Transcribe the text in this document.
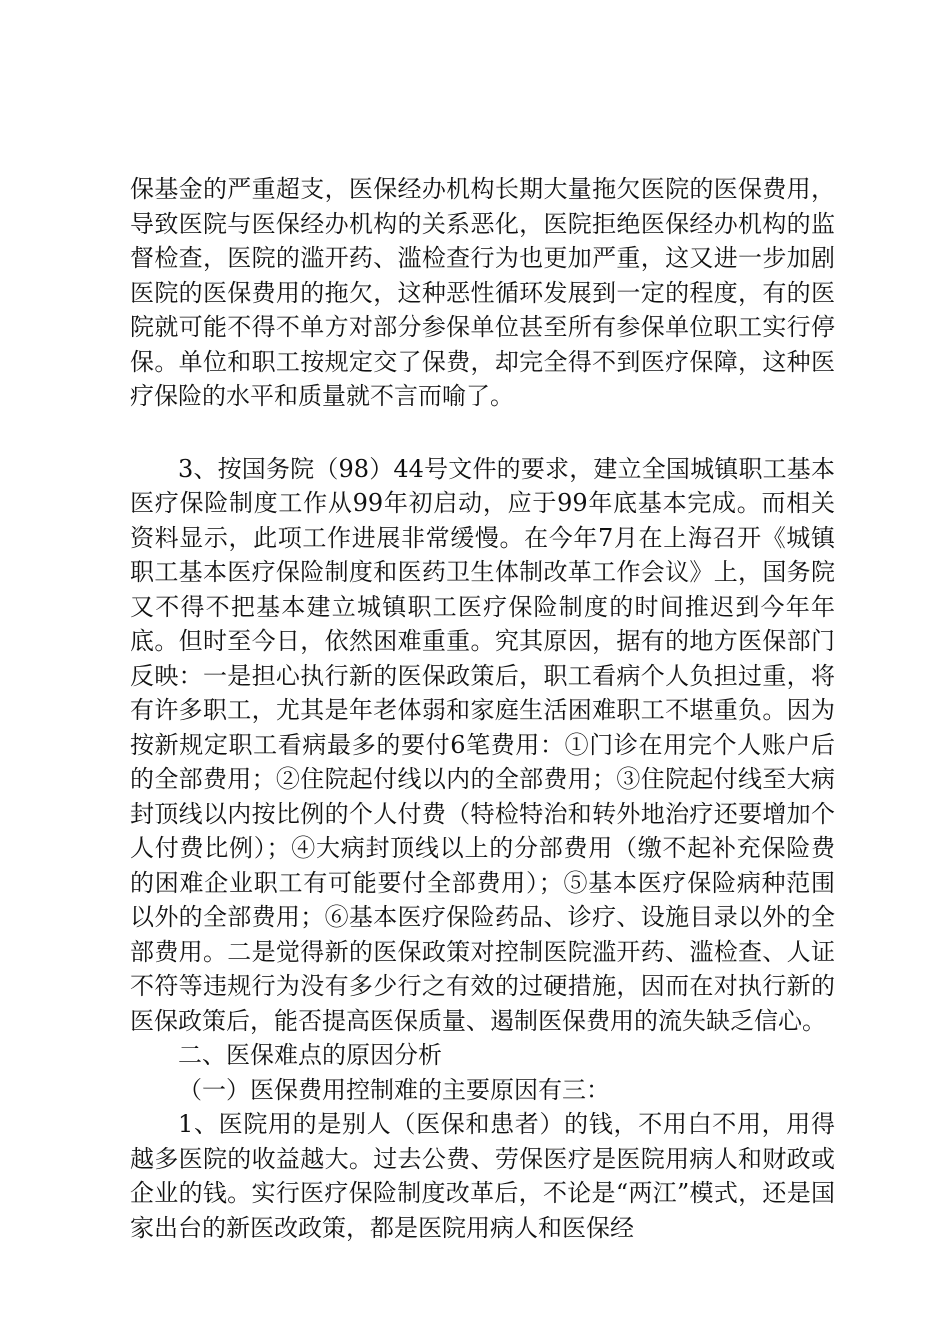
保基金的严重超支，医保经办机构长期大量拖欠医院的医保费用，导致医院与医保经办机构的关系恶化，医院拒绝医保经办机构的监督检查，医院的滥开药、滥检查行为也更加严重，这又进一步加剧医院的医保费用的拖欠，这种恶性循环发展到一定的程度，有的医院就可能不得不单方对部分参保单位甚至所有参保单位职工实行停保。单位和职工按规定交了保费，却完全得不到医疗保障，这种医疗保险的水平和质量就不言而喻了。

3、按国务院（98）44号文件的要求，建立全国城镇职工基本医疗保险制度工作从99年初启动，应于99年底基本完成。而相关资料显示，此项工作进展非常缓慢。在今年7月在上海召开《城镇职工基本医疗保险制度和医药卫生体制改革工作会议》上，国务院又不得不把基本建立城镇职工医疗保险制度的时间推迟到今年年底。但时至今日，依然困难重重。究其原因，据有的地方医保部门反映：一是担心执行新的医保政策后，职工看病个人负担过重，将有许多职工，尤其是年老体弱和家庭生活困难职工不堪重负。因为按新规定职工看病最多的要付6笔费用：①门诊在用完个人账户后的全部费用；②住院起付线以内的全部费用；③住院起付线至大病封顶线以内按比例的个人付费（特检特治和转外地治疗还要增加个人付费比例）；④大病封顶线以上的分部费用（缴不起补充保险费的困难企业职工有可能要付全部费用）；⑤基本医疗保险病种范围以外的全部费用；⑥基本医疗保险药品、诊疗、设施目录以外的全部费用。二是觉得新的医保政策对控制医院滥开药、滥检查、人证不符等违规行为没有多少行之有效的过硬措施，因而在对执行新的医保政策后，能否提高医保质量、遏制医保费用的流失缺乏信心。

二、医保难点的原因分析

（一）医保费用控制难的主要原因有三：

1、医院用的是别人（医保和患者）的钱，不用白不用，用得越多医院的收益越大。过去公费、劳保医疗是医院用病人和财政或企业的钱。实行医疗保险制度改革后，不论是“两江”模式，还是国家出台的新医改政策，都是医院用病人和医保经
